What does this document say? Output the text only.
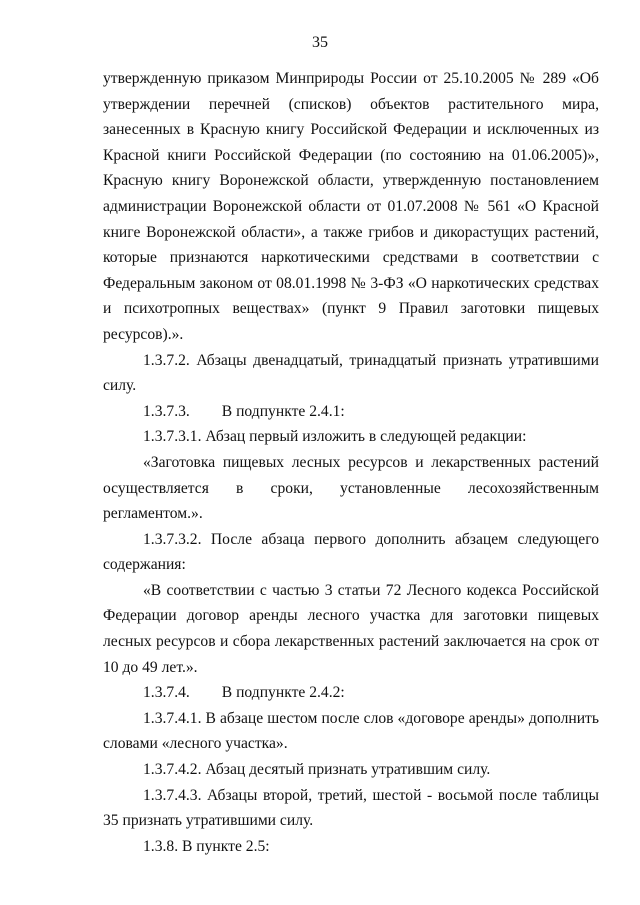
35

утвержденную приказом Минприроды России от 25.10.2005 № 289 «Об утверждении перечней (списков) объектов растительного мира, занесенных в Красную книгу Российской Федерации и исключенных из Красной книги Российской Федерации (по состоянию на 01.06.2005)», Красную книгу Воронежской области, утвержденную постановлением администрации Воронежской области от 01.07.2008 № 561 «О Красной книге Воронежской области», а также грибов и дикорастущих растений, которые признаются наркотическими средствами в соответствии с Федеральным законом от 08.01.1998 № 3-ФЗ «О наркотических средствах и психотропных веществах» (пункт 9 Правил заготовки пищевых ресурсов).».

1.3.7.2. Абзацы двенадцатый, тринадцатый признать утратившими силу.

1.3.7.3. В подпункте 2.4.1:

1.3.7.3.1. Абзац первый изложить в следующей редакции:

«Заготовка пищевых лесных ресурсов и лекарственных растений осуществляется в сроки, установленные лесохозяйственным регламентом.».

1.3.7.3.2. После абзаца первого дополнить абзацем следующего содержания:

«В соответствии с частью 3 статьи 72 Лесного кодекса Российской Федерации договор аренды лесного участка для заготовки пищевых лесных ресурсов и сбора лекарственных растений заключается на срок от 10 до 49 лет.».

1.3.7.4. В подпункте 2.4.2:

1.3.7.4.1. В абзаце шестом после слов «договоре аренды» дополнить словами «лесного участка».

1.3.7.4.2. Абзац десятый признать утратившим силу.

1.3.7.4.3. Абзацы второй, третий, шестой - восьмой после таблицы 35 признать утратившими силу.

1.3.8. В пункте 2.5:
